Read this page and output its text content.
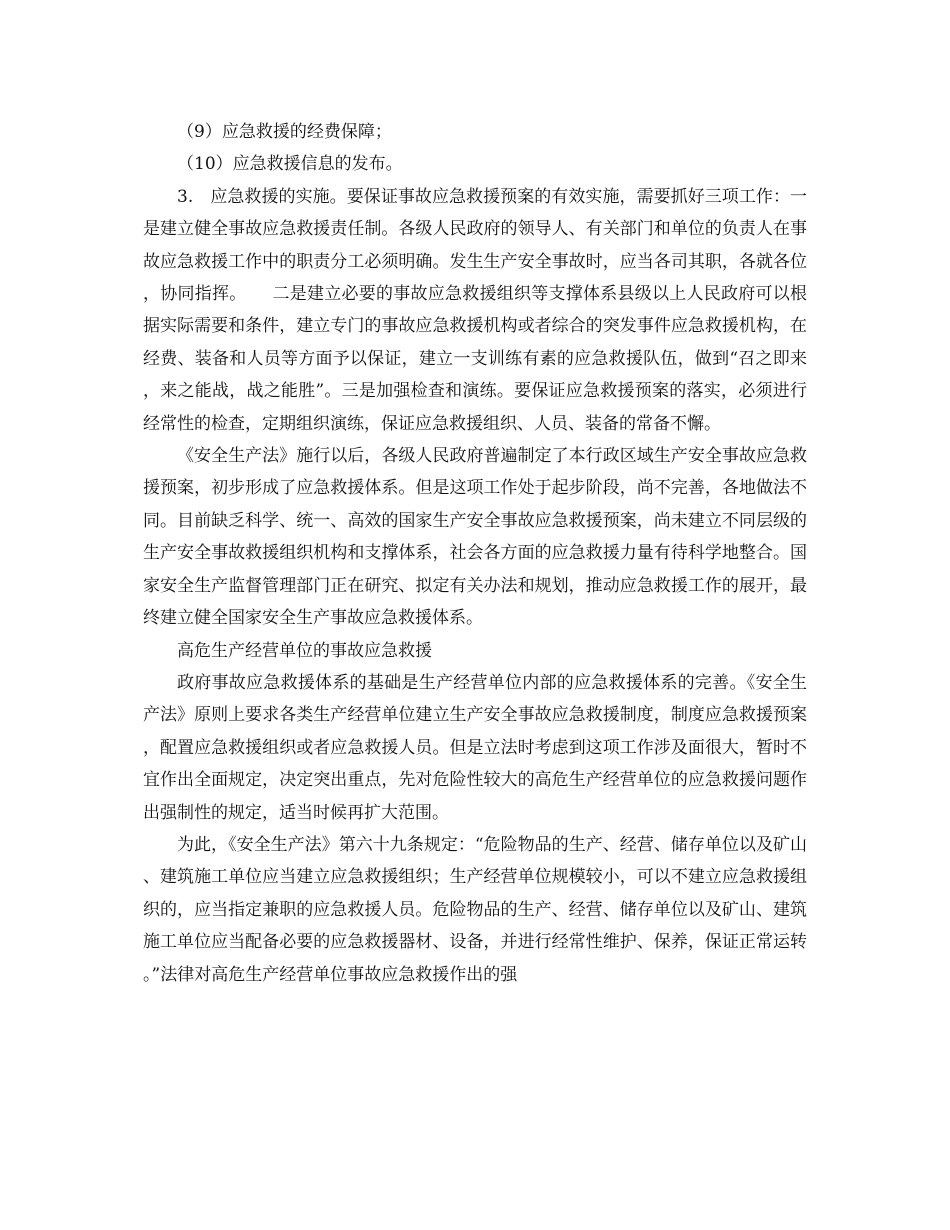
（9）应急救援的经费保障；

（10）应急救援信息的发布。

3.　应急救援的实施。要保证事故应急救援预案的有效实施，需要抓好三项工作：一是建立健全事故应急救援责任制。各级人民政府的领导人、有关部门和单位的负责人在事故应急救援工作中的职责分工必须明确。发生生产安全事故时，应当各司其职，各就各位，协同指挥。　　二是建立必要的事故应急救援组织等支撑体系县级以上人民政府可以根据实际需要和条件，建立专门的事故应急救援机构或者综合的突发事件应急救援机构，在经费、装备和人员等方面予以保证，建立一支训练有素的应急救援队伍，做到“召之即来，来之能战，战之能胜”。三是加强检查和演练。要保证应急救援预案的落实，必须进行经常性的检查，定期组织演练，保证应急救援组织、人员、装备的常备不懈。

《安全生产法》施行以后，各级人民政府普遍制定了本行政区域生产安全事故应急救援预案，初步形成了应急救援体系。但是这项工作处于起步阶段，尚不完善，各地做法不同。目前缺乏科学、统一、高效的国家生产安全事故应急救援预案，尚未建立不同层级的生产安全事故救援组织机构和支撑体系，社会各方面的应急救援力量有待科学地整合。国家安全生产监督管理部门正在研究、拟定有关办法和规划，推动应急救援工作的展开，最终建立健全国家安全生产事故应急救援体系。

高危生产经营单位的事故应急救援

政府事故应急救援体系的基础是生产经营单位内部的应急救援体系的完善。《安全生产法》原则上要求各类生产经营单位建立生产安全事故应急救援制度，制度应急救援预案，配置应急救援组织或者应急救援人员。但是立法时考虑到这项工作涉及面很大，暂时不宜作出全面规定，决定突出重点，先对危险性较大的高危生产经营单位的应急救援问题作出强制性的规定，适当时候再扩大范围。

为此，《安全生产法》第六十九条规定：“危险物品的生产、经营、储存单位以及矿山、建筑施工单位应当建立应急救援组织；生产经营单位规模较小，可以不建立应急救援组织的，应当指定兼职的应急救援人员。危险物品的生产、经营、储存单位以及矿山、建筑施工单位应当配备必要的应急救援器材、设备，并进行经常性维护、保养，保证正常运转。”法律对高危生产经营单位事故应急救援作出的强
